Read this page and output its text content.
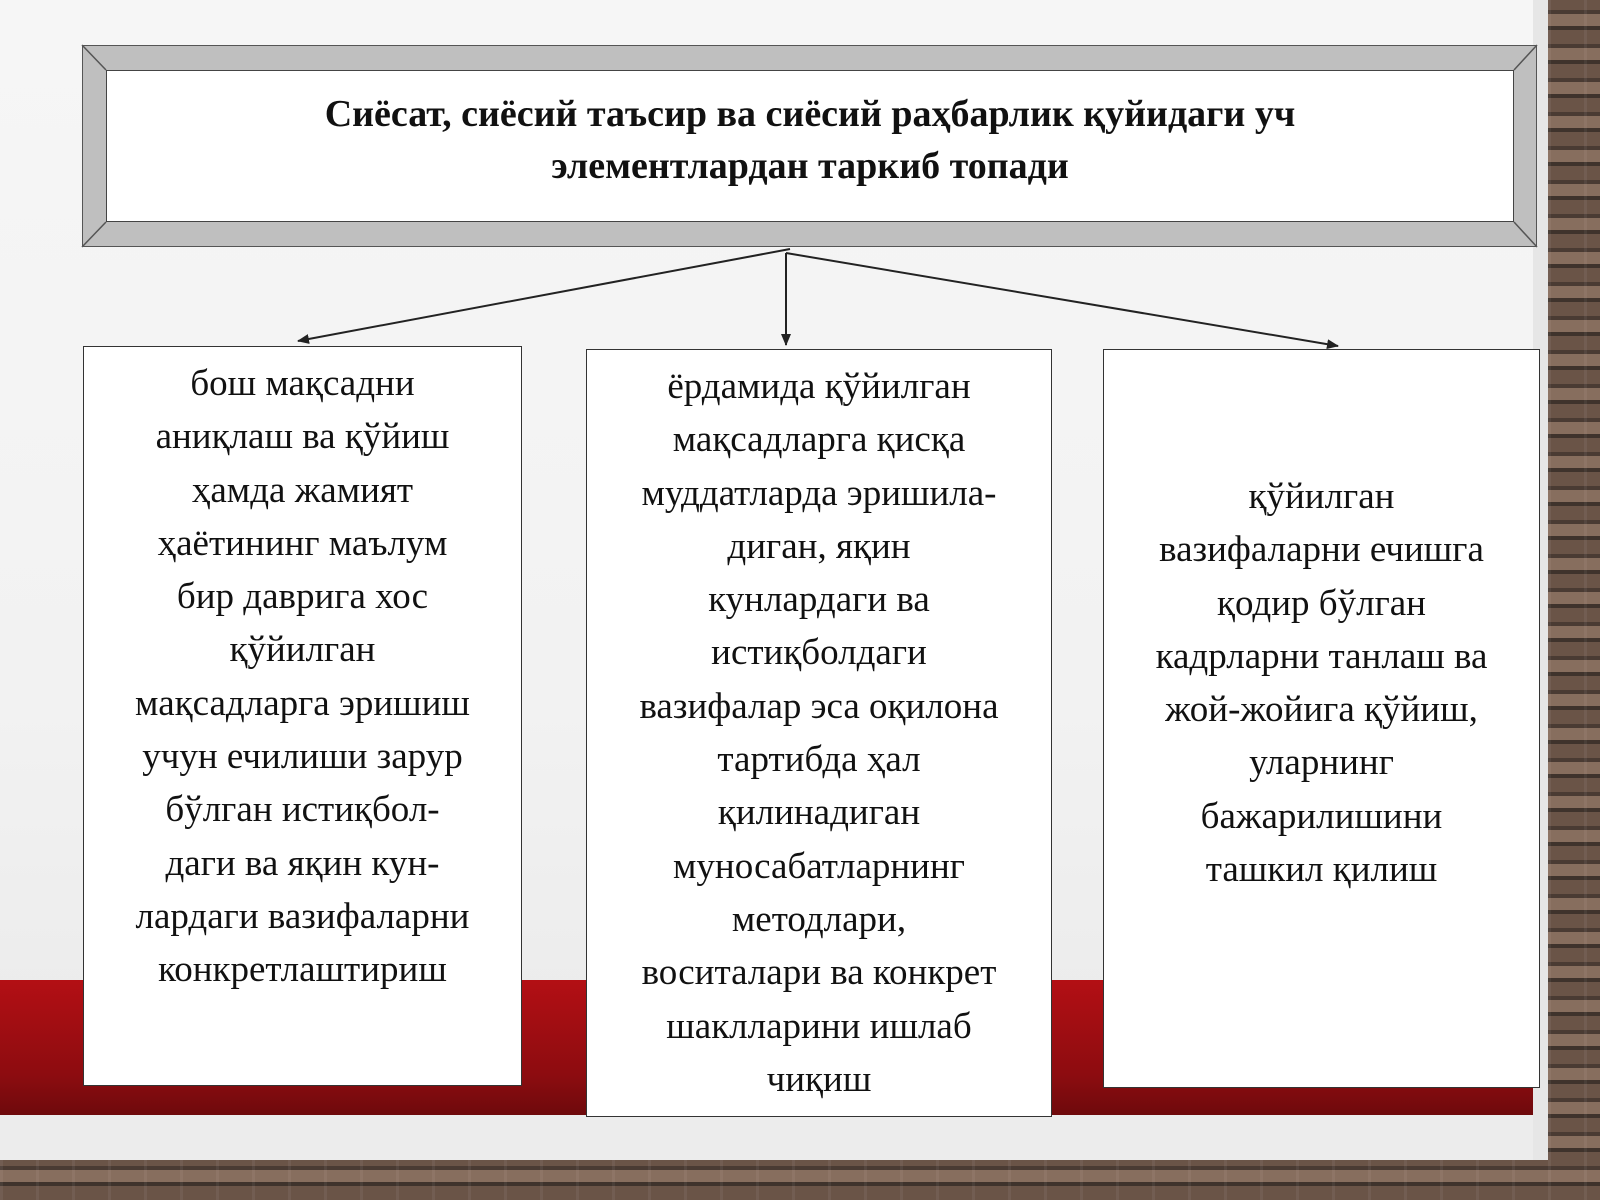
Сиёсат, сиёсий таъсир ва сиёсий раҳбарлик қуйидаги уч
элементлардан таркиб топади
бош мақсадни
аниқлаш ва қўйиш
ҳамда жамият
ҳаётининг маълум
бир даврига хос
қўйилган
мақсадларга эришиш
учун ечилиши зарур
бўлган истиқбол-
даги ва яқин кун-
лардаги вазифаларни
конкретлаштириш
ёрдамида қўйилган
мақсадларга қисқа
муддатларда эришила-
диган, яқин
кунлардаги ва
истиқболдаги
вазифалар эса оқилона
тартибда ҳал
қилинадиган
муносабатларнинг
методлари,
воситалари ва конкрет
шаклларини ишлаб
чиқиш
қўйилган
вазифаларни ечишга
қодир бўлган
кадрларни танлаш ва
жой-жойига қўйиш,
уларнинг
бажарилишини
ташкил қилиш
